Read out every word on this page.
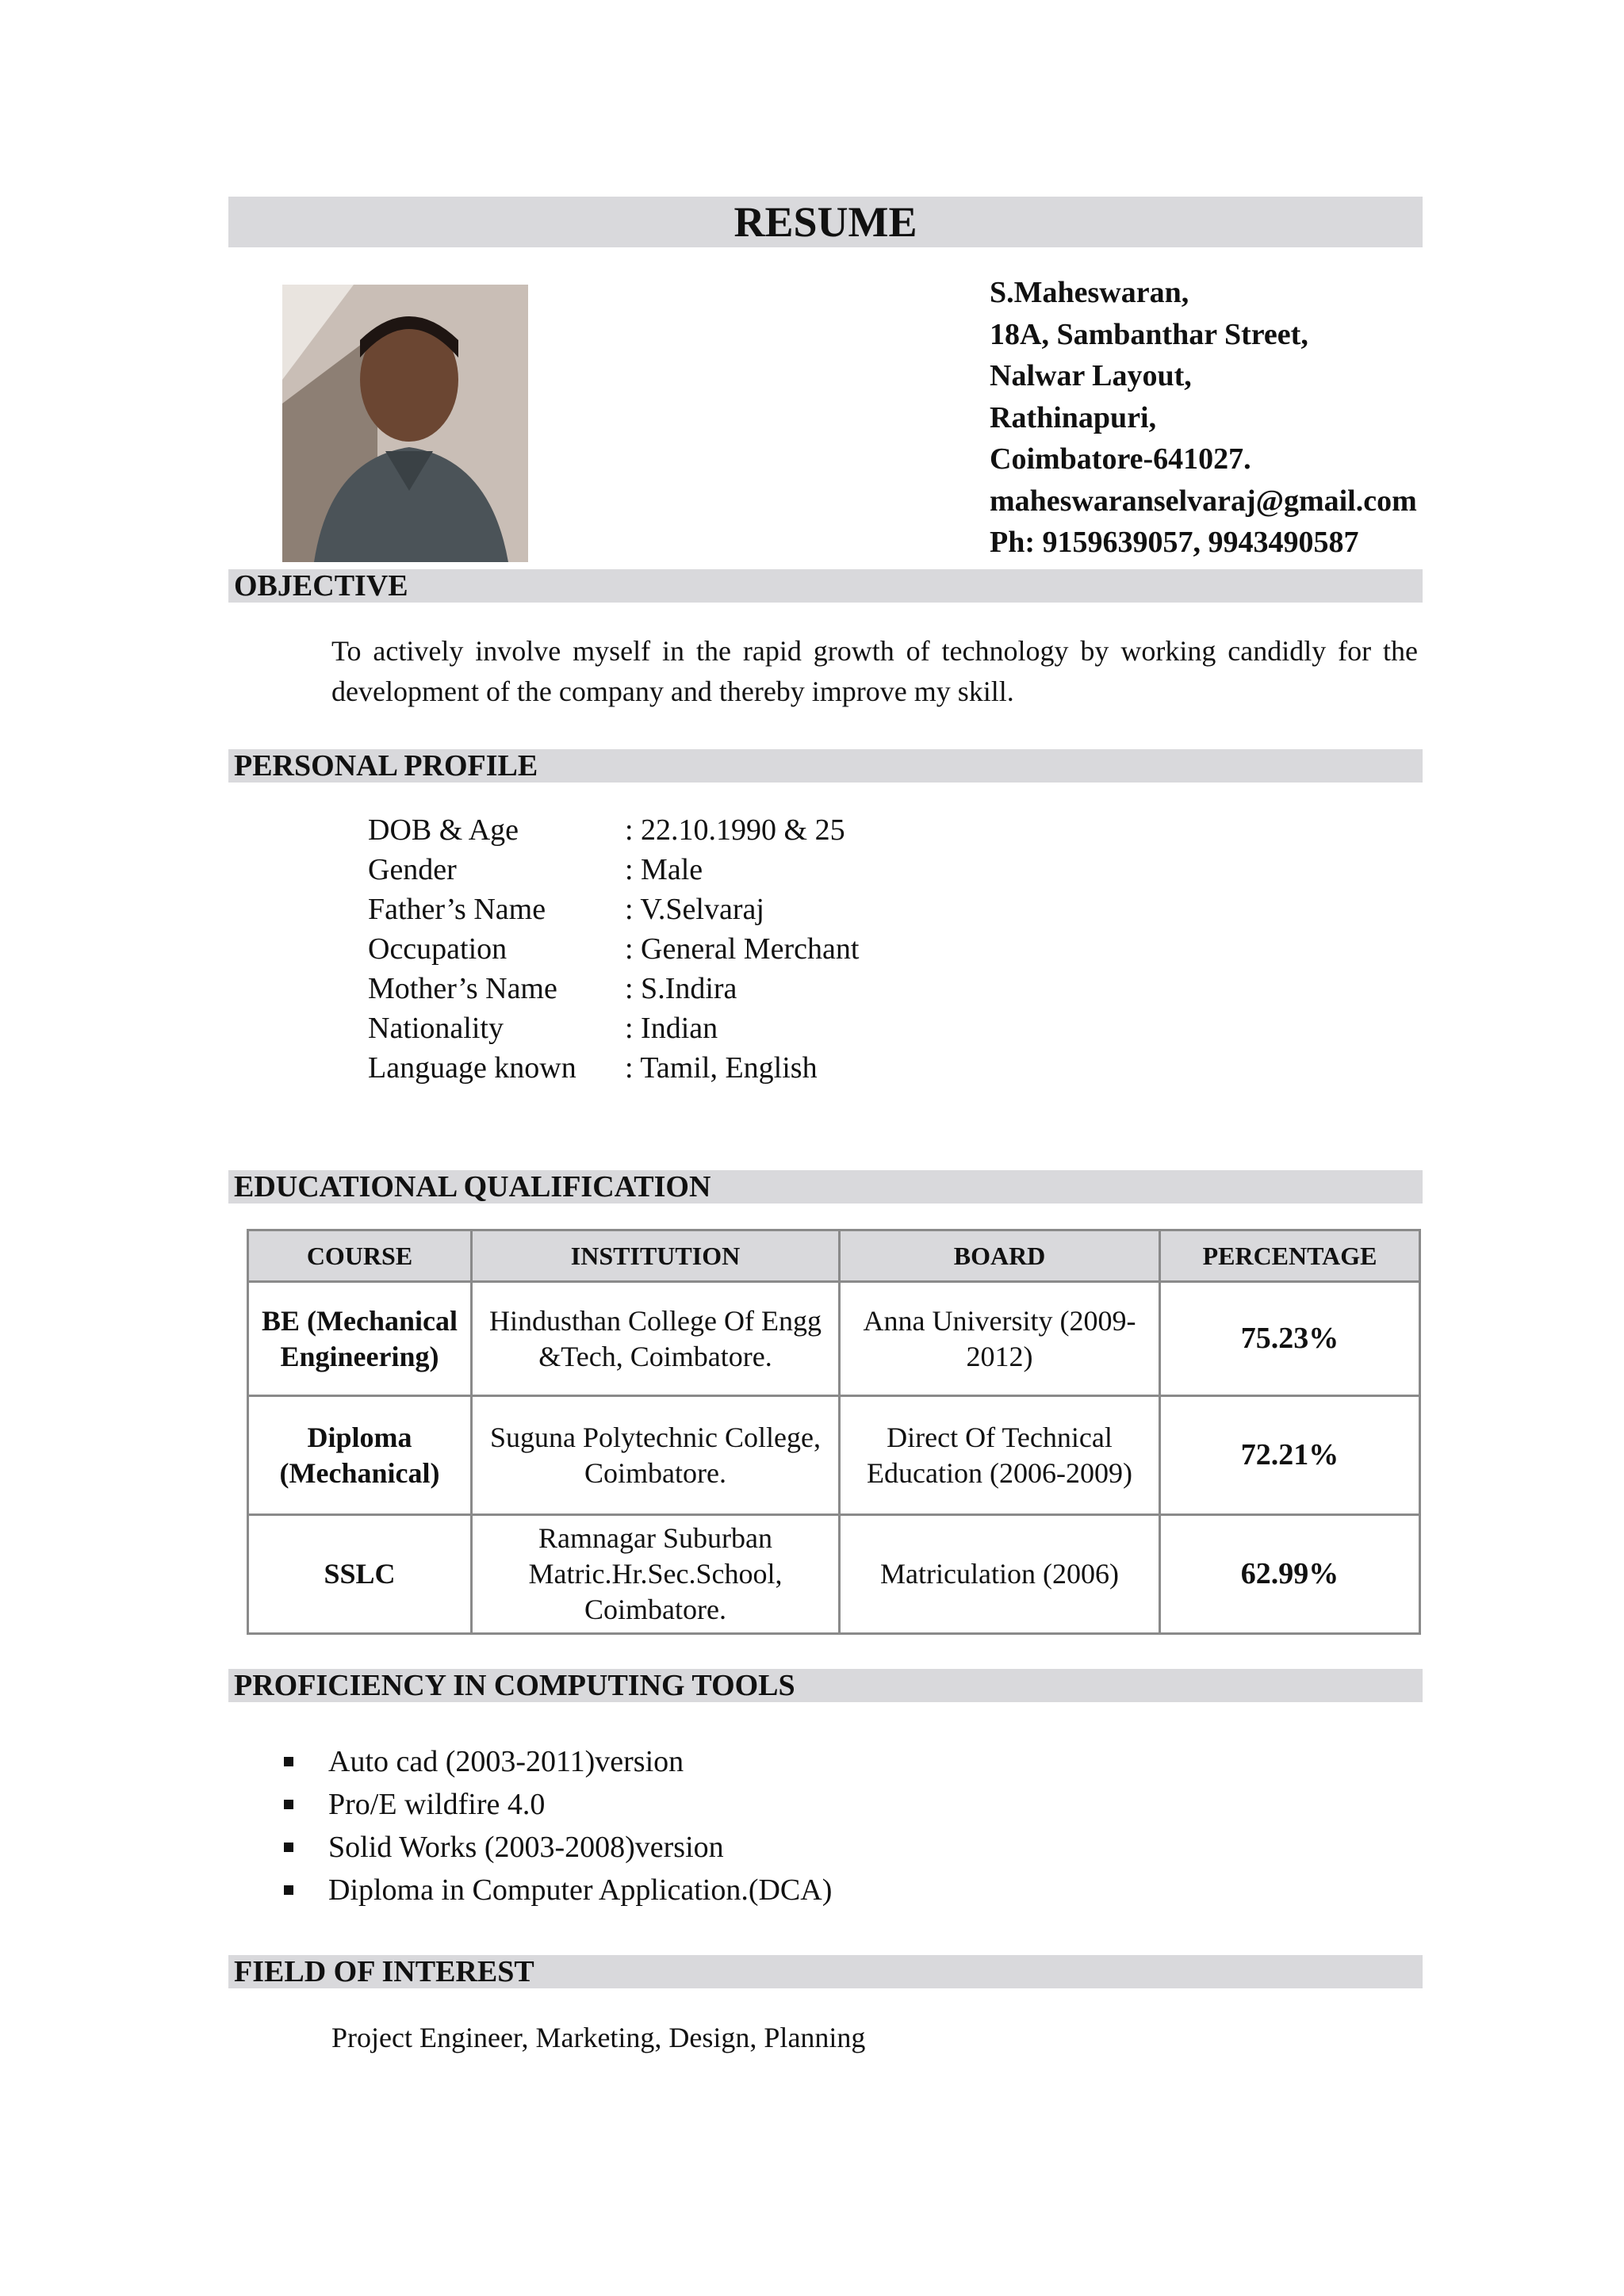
RESUME
S.Maheswaran,
18A, Sambanthar Street,
Nalwar Layout,
Rathinapuri,
Coimbatore-641027.
maheswaranselvaraj@gmail.com
Ph: 9159639057, 9943490587
OBJECTIVE
To actively involve myself in the rapid growth of technology by working candidly for the development of the company and thereby improve my skill.
PERSONAL PROFILE
DOB & Age	: 22.10.1990 & 25
Gender	: Male
Father’s Name	: V.Selvaraj
Occupation	: General Merchant
Mother’s Name	: S.Indira
Nationality	: Indian
Language known	: Tamil, English
EDUCATIONAL QUALIFICATION
COURSE	INSTITUTION	BOARD	PERCENTAGE
BE (Mechanical Engineering)	Hindusthan College Of Engg &Tech, Coimbatore.	Anna University (2009-2012)	75.23%
Diploma (Mechanical)	Suguna Polytechnic College, Coimbatore.	Direct Of Technical Education (2006-2009)	72.21%
SSLC	Ramnagar Suburban Matric.Hr.Sec.School, Coimbatore.	Matriculation (2006)	62.99%
PROFICIENCY IN COMPUTING TOOLS
Auto cad (2003-2011)version
Pro/E wildfire 4.0
Solid Works (2003-2008)version
Diploma in Computer Application.(DCA)
FIELD OF INTEREST
Project Engineer, Marketing, Design, Planning
